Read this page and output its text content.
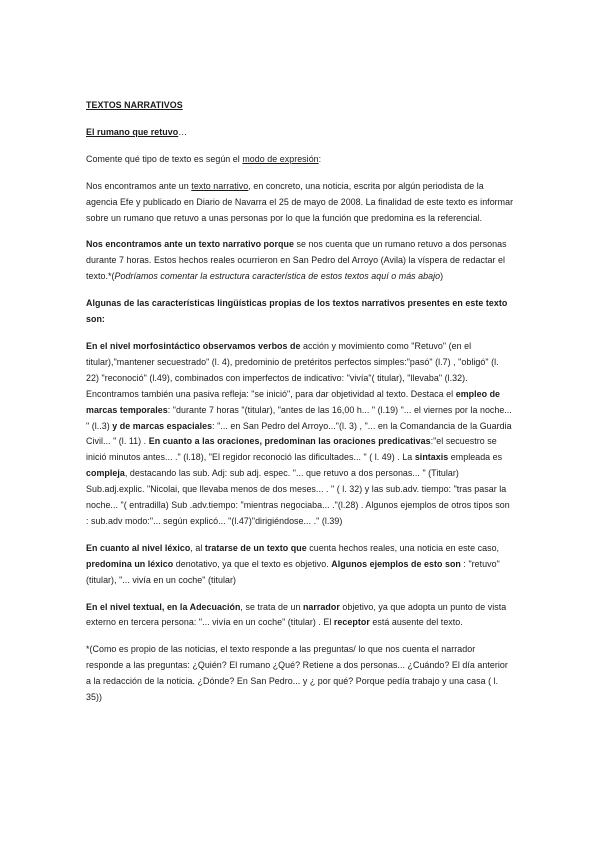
TEXTOS NARRATIVOS

El rumano que retuvo…

Comente qué tipo de texto es según el modo de expresión:

Nos encontramos ante un texto narrativo, en concreto, una noticia, escrita por algún periodista de la agencia Efe y publicado en Diario de Navarra el 25 de mayo de 2008. La finalidad de este texto es informar sobre un rumano que retuvo a unas personas por lo que la función que predomina es la referencial.

Nos encontramos ante un texto narrativo porque se nos cuenta que un rumano retuvo a dos personas durante 7 horas. Estos hechos reales ocurrieron en San Pedro del Arroyo (Avila) la víspera de redactar el texto.*(Podríamos comentar la estructura característica de estos textos aquí o más abajo)

Algunas de las características lingüísticas propias de los textos narrativos presentes en este texto son:

En el nivel morfosintáctico observamos verbos de acción y movimiento como "Retuvo" (en el titular),"mantener secuestrado" (l. 4), predominio de pretéritos perfectos simples:"pasó" (l.7) , "obligó" (l. 22) "reconoció" (l.49), combinados con imperfectos de indicativo: "vivía"( titular), "llevaba" (l.32). Encontramos también una pasiva refleja: "se inició", para dar objetividad al texto. Destaca el empleo de marcas temporales: "durante 7 horas "(titular), "antes de las 16,00 h... " (l.19) "... el viernes por la noche... " (l..3) y de marcas espaciales: "... en San Pedro del Arroyo..."(l. 3) , "... en la Comandancia de la Guardia Civil... " (l. 11) . En cuanto a las oraciones, predominan las oraciones predicativas:"el secuestro se inició minutos antes... ." (l.18), "El regidor reconoció las dificultades... " ( l. 49) . La sintaxis empleada es compleja, destacando las sub. Adj: sub adj. espec. "... que retuvo a dos personas... " (Titular) Sub.adj.explic. "Nicolai, que llevaba menos de dos meses... . " ( l. 32) y las sub.adv. tiempo: "tras pasar la noche... "( entradilla) Sub .adv.tiempo: "mientras negociaba... ."(l.28) . Algunos ejemplos de otros tipos son : sub.adv modo:"... según explicó... "(l.47)"dirigiéndose... ." (l.39)

En cuanto al nivel léxico, al tratarse de un texto que cuenta hechos reales, una noticia en este caso, predomina un léxico denotativo, ya que el texto es objetivo. Algunos ejemplos de esto son : "retuvo" (titular), "... vivía en un coche" (titular)

En el nivel textual, en la Adecuación, se trata de un narrador objetivo, ya que adopta un punto de vista externo en tercera persona: "... vivía en un coche" (titular) . El receptor está ausente del texto.

*(Como es propio de las noticias, el texto responde a las preguntas/ lo que nos cuenta el narrador responde a las preguntas: ¿Quién? El rumano ¿Qué? Retiene a dos personas... ¿Cuándo? El día anterior a la redacción de la noticia. ¿Dónde? En San Pedro... y ¿ por qué? Porque pedía trabajo y una casa ( l. 35))
